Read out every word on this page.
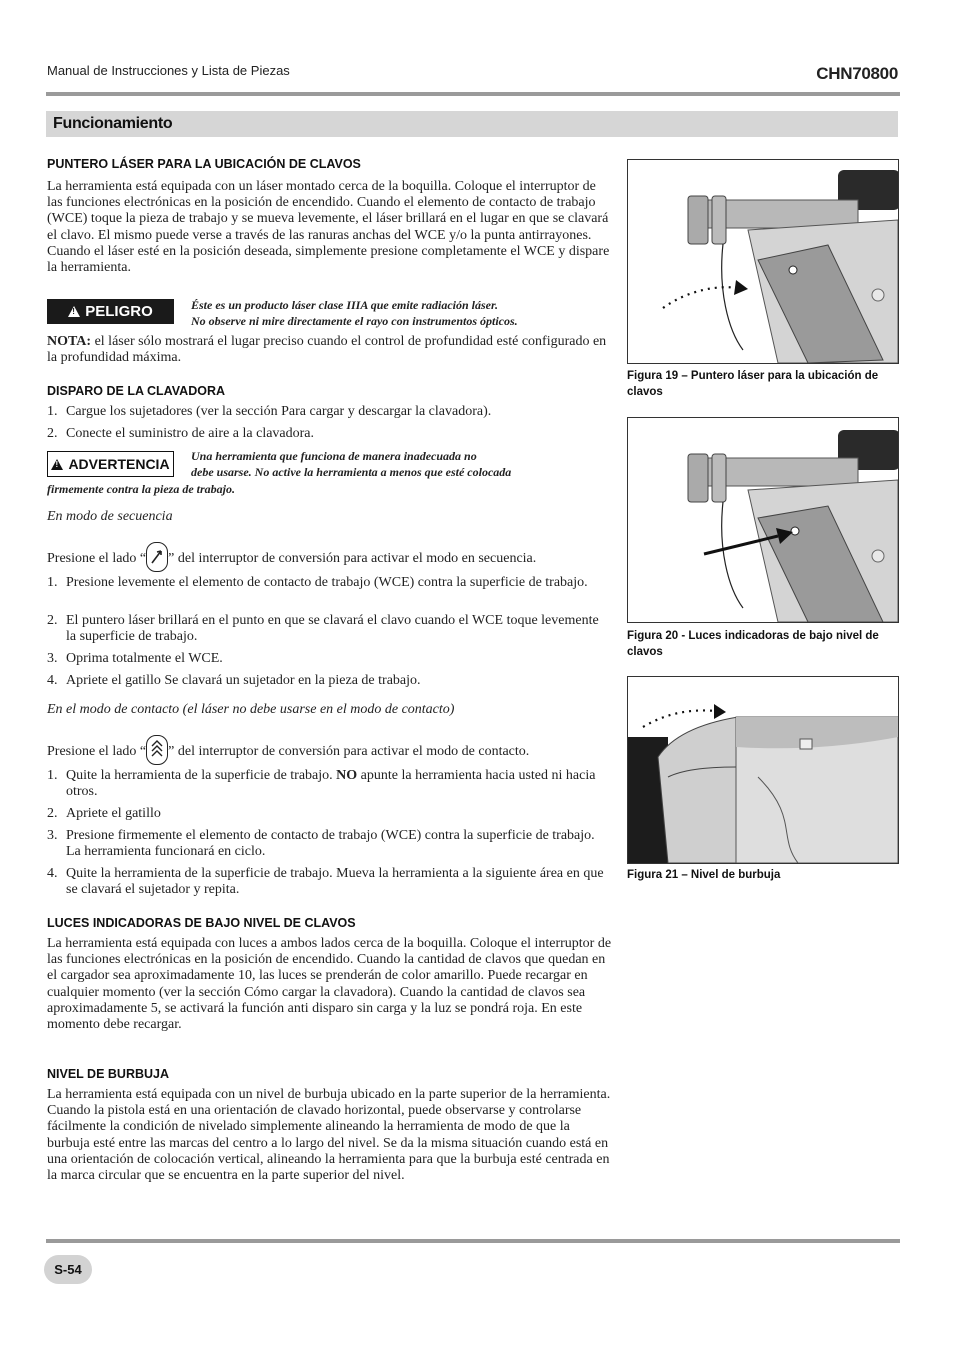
Manual de Instrucciones y Lista de Piezas	CHN70800
Funcionamiento

PUNTERO LÁSER PARA LA UBICACIÓN DE CLAVOS

La herramienta está equipada con un láser montado cerca de la boquilla. Coloque el interruptor de las funciones electrónicas en la posición de encendido. Cuando el elemento de contacto de trabajo (WCE) toque la pieza de trabajo y se mueva levemente, el láser brillará en el lugar en que se clavará el clavo. El mismo puede verse a través de las ranuras anchas del WCE y/o la punta antirrayones. Cuando el láser esté en la posición deseada, simplemente presione completamente el WCE y dispare la herramienta.

!
PELIGRO	Éste es un producto láser clase IIIA que emite radiación láser.
No observe ni mire directamente el rayo con instrumentos ópticos.
NOTA: el láser sólo mostrará el lugar preciso cuando el control de profundidad esté configurado en la profundidad máxima.

DISPARO DE LA CLAVADORA

1. Cargue los sujetadores (ver la sección Para cargar y descargar la clavadora).
2. Conecte el suministro de aire a la clavadora.
!
ADVERTENCIA Una herramienta que funciona de manera inadecuada no
debe usarse. No active la herramienta a menos que esté colocada
firmemente contra la pieza de trabajo.
En modo de secuencia
Presione el lado “ ” del interruptor de conversión para activar el modo en secuencia.
1. Presione levemente el elemento de contacto de trabajo (WCE) contra la superficie de trabajo.
2. El puntero láser brillará en el punto en que se clavará el clavo cuando el WCE toque levemente la superficie de trabajo.
3. Oprima totalmente el WCE.
4. Apriete el gatillo Se clavará un sujetador en la pieza de trabajo.
En el modo de contacto (el láser no debe usarse en el modo de contacto)
Presione el lado “ ” del interruptor de conversión para activar el modo de contacto.
1. Quite la herramienta de la superficie de trabajo. NO apunte la herramienta hacia usted ni hacia otros.
2. Apriete el gatillo
3. Presione firmemente el elemento de contacto de trabajo (WCE) contra la superficie de trabajo. La herramienta funcionará en ciclo.
4. Quite la herramienta de la superficie de trabajo. Mueva la herramienta a la siguiente área en que se clavará el sujetador y repita.

LUCES INDICADORAS DE BAJO NIVEL DE CLAVOS

La herramienta está equipada con luces a ambos lados cerca de la boquilla. Coloque el interruptor de las funciones electrónicas en la posición de encendido. Cuando la cantidad de clavos que quedan en el cargador sea aproximadamente 10, las luces se prenderán de color amarillo. Puede recargar en cualquier momento (ver la sección Cómo cargar la clavadora). Cuando la cantidad de clavos sea aproximadamente 5, se activará la función anti disparo sin carga y la luz se pondrá roja. En este momento debe recargar.

NIVEL DE BURBUJA

La herramienta está equipada con un nivel de burbuja ubicado en la parte superior de la herramienta. Cuando la pistola está en una orientación de clavado horizontal, puede observarse y controlarse fácilmente la condición de nivelado simplemente alineando la herramienta de modo de que la burbuja esté entre las marcas del centro a lo largo del nivel. Se da la misma situación cuando está en una orientación de colocación vertical, alineando la herramienta para que la burbuja esté centrada en la marca circular que se encuentra en la parte superior del nivel.

Figura 19 – Puntero láser para la ubicación de clavos
Figura 20 - Luces indicadoras de bajo nivel de clavos
Figura 21 – Nivel de burbuja
S-54
